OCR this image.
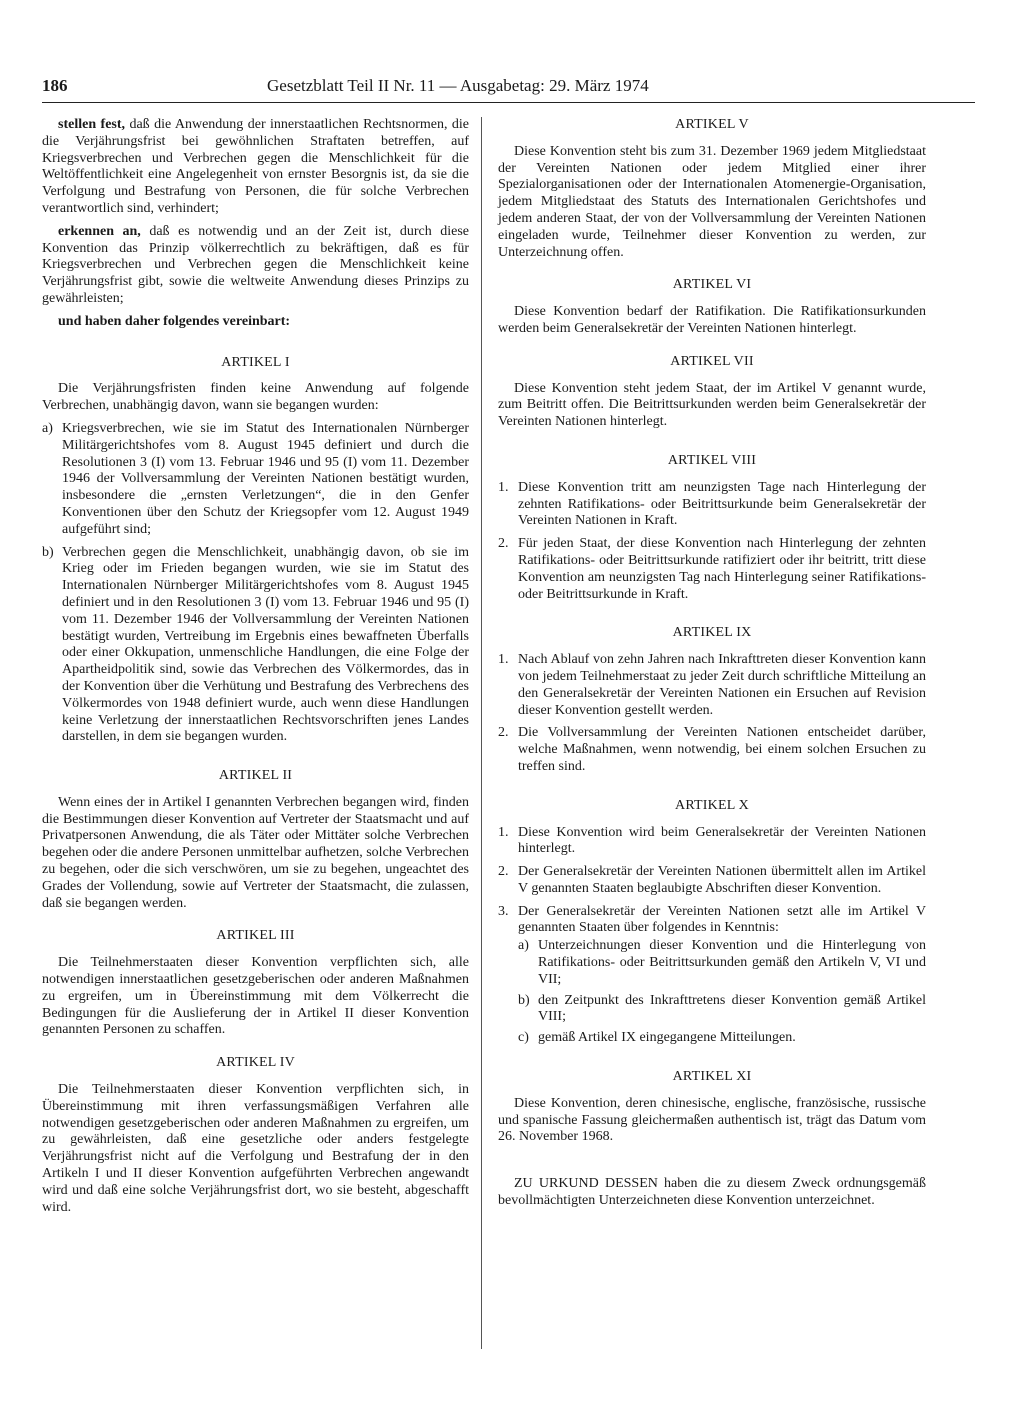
186	Gesetzblatt Teil II Nr. 11 — Ausgabetag: 29. März 1974

stellen fest, daß die Anwendung der innerstaatlichen Rechtsnormen, die die Verjährungsfrist bei gewöhnlichen Straftaten betreffen, auf Kriegsverbrechen und Verbrechen gegen die Menschlichkeit für die Weltöffentlichkeit eine Angelegenheit von ernster Besorgnis ist, da sie die Verfolgung und Bestrafung von Personen, die für solche Verbrechen verantwortlich sind, verhindert;

erkennen an, daß es notwendig und an der Zeit ist, durch diese Konvention das Prinzip völkerrechtlich zu bekräftigen, daß es für Kriegsverbrechen und Verbrechen gegen die Menschlichkeit keine Verjährungsfrist gibt, sowie die weltweite Anwendung dieses Prinzips zu gewährleisten;

und haben daher folgendes vereinbart:

ARTIKEL I

Die Verjährungsfristen finden keine Anwendung auf folgende Verbrechen, unabhängig davon, wann sie begangen wurden:

a) Kriegsverbrechen, wie sie im Statut des Internationalen Nürnberger Militärgerichtshofes vom 8. August 1945 definiert und durch die Resolutionen 3 (I) vom 13. Februar 1946 und 95 (I) vom 11. Dezember 1946 der Vollversammlung der Vereinten Nationen bestätigt wurden, insbesondere die „ernsten Verletzungen“, die in den Genfer Konventionen über den Schutz der Kriegsopfer vom 12. August 1949 aufgeführt sind;
b) Verbrechen gegen die Menschlichkeit, unabhängig davon, ob sie im Krieg oder im Frieden begangen wurden, wie sie im Statut des Internationalen Nürnberger Militärgerichtshofes vom 8. August 1945 definiert und in den Resolutionen 3 (I) vom 13. Februar 1946 und 95 (I) vom 11. Dezember 1946 der Vollversammlung der Vereinten Nationen bestätigt wurden, Vertreibung im Ergebnis eines bewaffneten Überfalls oder einer Okkupation, unmenschliche Handlungen, die eine Folge der Apartheidpolitik sind, sowie das Verbrechen des Völkermordes, das in der Konvention über die Verhütung und Bestrafung des Verbrechens des Völkermordes von 1948 definiert wurde, auch wenn diese Handlungen keine Verletzung der innerstaatlichen Rechtsvorschriften jenes Landes darstellen, in dem sie begangen wurden.

ARTIKEL II

Wenn eines der in Artikel I genannten Verbrechen begangen wird, finden die Bestimmungen dieser Konvention auf Vertreter der Staatsmacht und auf Privatpersonen Anwendung, die als Täter oder Mittäter solche Verbrechen begehen oder die andere Personen unmittelbar aufhetzen, solche Verbrechen zu begehen, oder die sich verschwören, um sie zu begehen, ungeachtet des Grades der Vollendung, sowie auf Vertreter der Staatsmacht, die zulassen, daß sie begangen werden.

ARTIKEL III

Die Teilnehmerstaaten dieser Konvention verpflichten sich, alle notwendigen innerstaatlichen gesetzgeberischen oder anderen Maßnahmen zu ergreifen, um in Übereinstimmung mit dem Völkerrecht die Bedingungen für die Auslieferung der in Artikel II dieser Konvention genannten Personen zu schaffen.

ARTIKEL IV

Die Teilnehmerstaaten dieser Konvention verpflichten sich, in Übereinstimmung mit ihren verfassungsmäßigen Verfahren alle notwendigen gesetzgeberischen oder anderen Maßnahmen zu ergreifen, um zu gewährleisten, daß eine gesetzliche oder anders festgelegte Verjährungsfrist nicht auf die Verfolgung und Bestrafung der in den Artikeln I und II dieser Konvention aufgeführten Verbrechen angewandt wird und daß eine solche Verjährungsfrist dort, wo sie besteht, abgeschafft wird.

ARTIKEL V

Diese Konvention steht bis zum 31. Dezember 1969 jedem Mitgliedstaat der Vereinten Nationen oder jedem Mitglied einer ihrer Spezialorganisationen oder der Internationalen Atomenergie-Organisation, jedem Mitgliedstaat des Statuts des Internationalen Gerichtshofes und jedem anderen Staat, der von der Vollversammlung der Vereinten Nationen eingeladen wurde, Teilnehmer dieser Konvention zu werden, zur Unterzeichnung offen.

ARTIKEL VI

Diese Konvention bedarf der Ratifikation. Die Ratifikationsurkunden werden beim Generalsekretär der Vereinten Nationen hinterlegt.

ARTIKEL VII

Diese Konvention steht jedem Staat, der im Artikel V genannt wurde, zum Beitritt offen. Die Beitrittsurkunden werden beim Generalsekretär der Vereinten Nationen hinterlegt.

ARTIKEL VIII

1. Diese Konvention tritt am neunzigsten Tage nach Hinterlegung der zehnten Ratifikations- oder Beitrittsurkunde beim Generalsekretär der Vereinten Nationen in Kraft.
2. Für jeden Staat, der diese Konvention nach Hinterlegung der zehnten Ratifikations- oder Beitrittsurkunde ratifiziert oder ihr beitritt, tritt diese Konvention am neunzigsten Tag nach Hinterlegung seiner Ratifikations- oder Beitrittsurkunde in Kraft.

ARTIKEL IX

1. Nach Ablauf von zehn Jahren nach Inkrafttreten dieser Konvention kann von jedem Teilnehmerstaat zu jeder Zeit durch schriftliche Mitteilung an den Generalsekretär der Vereinten Nationen ein Ersuchen auf Revision dieser Konvention gestellt werden.
2. Die Vollversammlung der Vereinten Nationen entscheidet darüber, welche Maßnahmen, wenn notwendig, bei einem solchen Ersuchen zu treffen sind.

ARTIKEL X

1. Diese Konvention wird beim Generalsekretär der Vereinten Nationen hinterlegt.
2. Der Generalsekretär der Vereinten Nationen übermittelt allen im Artikel V genannten Staaten beglaubigte Abschriften dieser Konvention.
3. Der Generalsekretär der Vereinten Nationen setzt alle im Artikel V genannten Staaten über folgendes in Kenntnis:
a) Unterzeichnungen dieser Konvention und die Hinterlegung von Ratifikations- oder Beitrittsurkunden gemäß den Artikeln V, VI und VII;
b) den Zeitpunkt des Inkrafttretens dieser Konvention gemäß Artikel VIII;
c) gemäß Artikel IX eingegangene Mitteilungen.

ARTIKEL XI

Diese Konvention, deren chinesische, englische, französische, russische und spanische Fassung gleichermaßen authentisch ist, trägt das Datum vom 26. November 1968.

ZU URKUND DESSEN haben die zu diesem Zweck ordnungsgemäß bevollmächtigten Unterzeichneten diese Konvention unterzeichnet.
